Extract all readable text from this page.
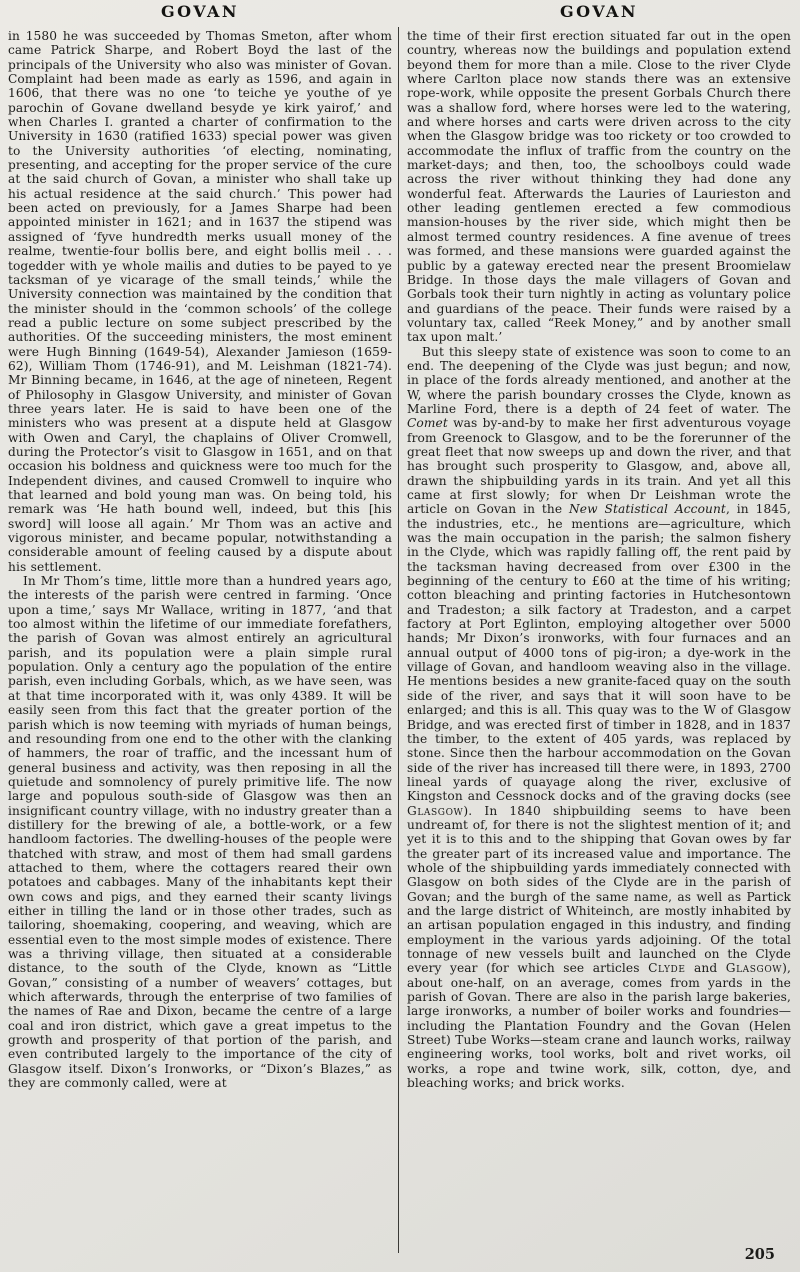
GOVAN

in 1580 he was succeeded by Thomas Smeton, after whom came Patrick Sharpe, and Robert Boyd the last of the principals of the University who also was minister of Govan. Complaint had been made as early as 1596, and again in 1606, that there was no one ‘to teiche ye youthe of ye parochin of Govane dwelland besyde ye kirk yairof,’ and when Charles I. granted a charter of confirmation to the University in 1630 (ratified 1633) special power was given to the University authorities ‘of electing, nominating, presenting, and accepting for the proper service of the cure at the said church of Govan, a minister who shall take up his actual residence at the said church.’ This power had been acted on previously, for a James Sharpe had been appointed minister in 1621; and in 1637 the stipend was assigned of ‘fyve hundredth merks usuall money of the realme, twentie-four bollis bere, and eight bollis meil . . . togedder with ye whole mailis and duties to be payed to ye tacksman of ye vicarage of the small teinds,’ while the University connection was maintained by the condition that the minister should in the ‘common schools’ of the college read a public lecture on some subject prescribed by the authorities. Of the succeeding ministers, the most eminent were Hugh Binning (1649-54), Alexander Jamieson (1659-62), William Thom (1746-91), and M. Leishman (1821-74). Mr Binning became, in 1646, at the age of nineteen, Regent of Philosophy in Glasgow University, and minister of Govan three years later. He is said to have been one of the ministers who was present at a dispute held at Glasgow with Owen and Caryl, the chaplains of Oliver Cromwell, during the Protector’s visit to Glasgow in 1651, and on that occasion his boldness and quickness were too much for the Independent divines, and caused Cromwell to inquire who that learned and bold young man was. On being told, his remark was ‘He hath bound well, indeed, but this [his sword] will loose all again.’ Mr Thom was an active and vigorous minister, and became popular, notwithstanding a considerable amount of feeling caused by a dispute about his settlement.

In Mr Thom’s time, little more than a hundred years ago, the interests of the parish were centred in farming. ‘Once upon a time,’ says Mr Wallace, writing in 1877, ‘and that too almost within the lifetime of our immediate forefathers, the parish of Govan was almost entirely an agricultural parish, and its population were a plain simple rural population. Only a century ago the population of the entire parish, even including Gorbals, which, as we have seen, was at that time incorporated with it, was only 4389. It will be easily seen from this fact that the greater portion of the parish which is now teeming with myriads of human beings, and resounding from one end to the other with the clanking of hammers, the roar of traffic, and the incessant hum of general business and activity, was then reposing in all the quietude and somnolency of purely primitive life. The now large and populous south-side of Glasgow was then an insignificant country village, with no industry greater than a distillery for the brewing of ale, a bottle-work, or a few handloom factories. The dwelling-houses of the people were thatched with straw, and most of them had small gardens attached to them, where the cottagers reared their own potatoes and cabbages. Many of the inhabitants kept their own cows and pigs, and they earned their scanty livings either in tilling the land or in those other trades, such as tailoring, shoemaking, coopering, and weaving, which are essential even to the most simple modes of existence. There was a thriving village, then situated at a considerable distance, to the south of the Clyde, known as “Little Govan,” consisting of a number of weavers’ cottages, but which afterwards, through the enterprise of two families of the names of Rae and Dixon, became the centre of a large coal and iron district, which gave a great impetus to the growth and prosperity of that portion of the parish, and even contributed largely to the importance of the city of Glasgow itself. Dixon’s Ironworks, or “Dixon’s Blazes,” as they are commonly called, were at

GOVAN

the time of their first erection situated far out in the open country, whereas now the buildings and population extend beyond them for more than a mile. Close to the river Clyde where Carlton place now stands there was an extensive rope-work, while opposite the present Gorbals Church there was a shallow ford, where horses were led to the watering, and where horses and carts were driven across to the city when the Glasgow bridge was too rickety or too crowded to accommodate the influx of traffic from the country on the market-days; and then, too, the schoolboys could wade across the river without thinking they had done any wonderful feat. Afterwards the Lauries of Laurieston and other leading gentlemen erected a few commodious mansion-houses by the river side, which might then be almost termed country residences. A fine avenue of trees was formed, and these mansions were guarded against the public by a gateway erected near the present Broomielaw Bridge. In those days the male villagers of Govan and Gorbals took their turn nightly in acting as voluntary police and guardians of the peace. Their funds were raised by a voluntary tax, called “Reek Money,” and by another small tax upon malt.’

But this sleepy state of existence was soon to come to an end. The deepening of the Clyde was just begun; and now, in place of the fords already mentioned, and another at the W, where the parish boundary crosses the Clyde, known as Marline Ford, there is a depth of 24 feet of water. The Comet was by-and-by to make her first adventurous voyage from Greenock to Glasgow, and to be the forerunner of the great fleet that now sweeps up and down the river, and that has brought such prosperity to Glasgow, and, above all, drawn the shipbuilding yards in its train. And yet all this came at first slowly; for when Dr Leishman wrote the article on Govan in the New Statistical Account, in 1845, the industries, etc., he mentions are—agriculture, which was the main occupation in the parish; the salmon fishery in the Clyde, which was rapidly falling off, the rent paid by the tacksman having decreased from over £300 in the beginning of the century to £60 at the time of his writing; cotton bleaching and printing factories in Hutchesontown and Tradeston; a silk factory at Tradeston, and a carpet factory at Port Eglinton, employing altogether over 5000 hands; Mr Dixon’s ironworks, with four furnaces and an annual output of 4000 tons of pig-iron; a dye-work in the village of Govan, and handloom weaving also in the village. He mentions besides a new granite-faced quay on the south side of the river, and says that it will soon have to be enlarged; and this is all. This quay was to the W of Glasgow Bridge, and was erected first of timber in 1828, and in 1837 the timber, to the extent of 405 yards, was replaced by stone. Since then the harbour accommodation on the Govan side of the river has increased till there were, in 1893, 2700 lineal yards of quayage along the river, exclusive of Kingston and Cessnock docks and of the graving docks (see Glasgow). In 1840 shipbuilding seems to have been undreamt of, for there is not the slightest mention of it; and yet it is to this and to the shipping that Govan owes by far the greater part of its increased value and importance. The whole of the shipbuilding yards immediately connected with Glasgow on both sides of the Clyde are in the parish of Govan; and the burgh of the same name, as well as Partick and the large district of Whiteinch, are mostly inhabited by an artisan population engaged in this industry, and finding employment in the various yards adjoining. Of the total tonnage of new vessels built and launched on the Clyde every year (for which see articles Clyde and Glasgow), about one-half, on an average, comes from yards in the parish of Govan. There are also in the parish large bakeries, large ironworks, a number of boiler works and foundries—including the Plantation Foundry and the Govan (Helen Street) Tube Works—steam crane and launch works, railway engineering works, tool works, bolt and rivet works, oil works, a rope and twine work, silk, cotton, dye, and bleaching works; and brick works.

205
